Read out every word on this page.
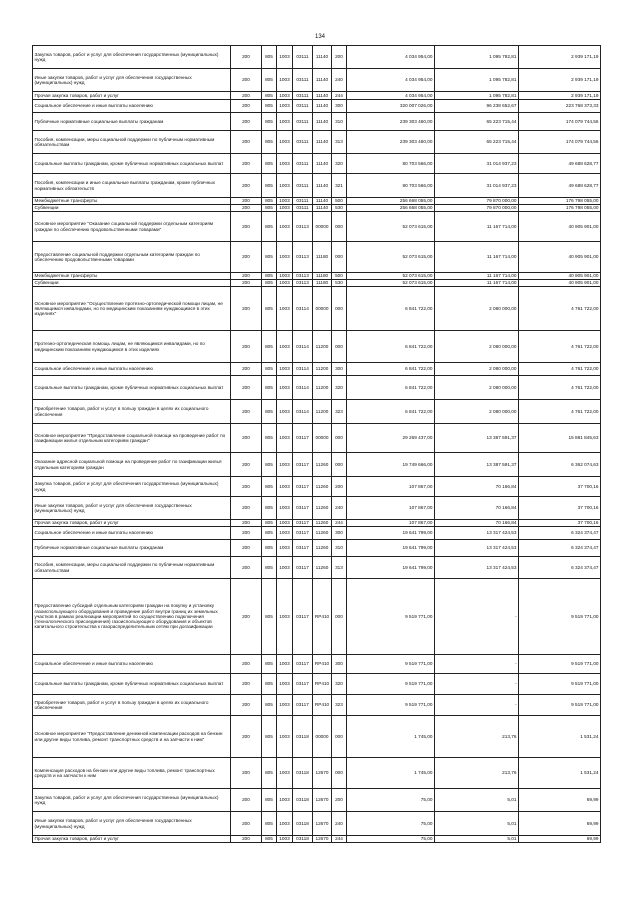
134
Закупка товаров, работ и услуг для обеспечения государственных (муниципальных) нужд	200	805	1003	03111	11140	200	4 034 954,00	1 095 782,81	2 939 171,19
Иные закупки товаров, работ и услуг для обеспечения государственных (муниципальных) нужд	200	805	1003	03111	11140	240	4 034 954,00	1 095 782,81	2 939 171,19
Прочая закупка товаров, работ и услуг	200	805	1003	03111	11140	244	4 034 954,00	1 095 782,81	2 939 171,19
Социальное обеспечение и иные выплаты населению	200	805	1003	03111	11140	300	320 007 026,00	96 238 652,67	223 768 373,33
Публичные нормативные социальные выплаты гражданам	200	805	1003	03111	11140	310	239 303 460,00	65 223 715,44	174 079 744,56
Пособия, компенсации, меры социальной поддержки по публичным нормативным обязательствам	200	805	1003	03111	11140	313	239 303 460,00	65 223 715,44	174 079 744,56
Социальные выплаты гражданам, кроме публичных нормативных социальных выплат	200	805	1003	03111	11140	320	80 703 566,00	31 014 937,23	49 688 628,77
Пособия, компенсации и иные социальные выплаты гражданам, кроме публичных нормативных обязательств	200	805	1003	03111	11140	321	80 703 566,00	31 014 937,23	49 688 628,77
Межбюджетные трансферты	200	805	1003	03111	11140	500	256 668 055,00	79 870 000,00	176 798 055,00
Субвенции	200	805	1003	03111	11140	530	256 668 055,00	79 870 000,00	176 798 055,00
Основное мероприятие "Оказание социальной поддержки отдельным категориям граждан по обеспечению продовольственными товарами"	200	805	1003	03113	00000	000	52 073 615,00	11 167 714,00	40 905 901,00
Предоставление социальной поддержки отдельным категориям граждан по обеспечению продовольственными товарами	200	805	1003	03113	11180	000	52 073 615,00	11 167 714,00	40 905 901,00
Межбюджетные трансферты	200	805	1003	03113	11180	500	52 073 615,00	11 167 714,00	40 905 901,00
Субвенции	200	805	1003	03113	11180	530	52 073 615,00	11 167 714,00	40 905 901,00
Основное мероприятие "Осуществление протезно-ортопедической помощи лицам, не являющимся инвалидами, но по медицинским показаниям нуждающимся в этих изделиях"	200	805	1003	03114	00000	000	6 841 722,00	2 080 000,00	4 761 722,00
Протезно-ортопедическая помощь лицам, не являющимся инвалидами, но по медицинским показаниям нуждающимся в этих изделиях	200	805	1003	03114	11200	000	6 841 722,00	2 080 000,00	4 761 722,00
Социальное обеспечение и иные выплаты населению	200	805	1003	03114	11200	300	6 841 722,00	2 080 000,00	4 761 722,00
Социальные выплаты гражданам, кроме публичных нормативных социальных выплат	200	805	1003	03114	11200	320	6 841 722,00	2 080 000,00	4 761 722,00
Приобретение товаров, работ и услуг в пользу граждан в целях их социального обеспечения	200	805	1003	03114	11200	323	6 841 722,00	2 080 000,00	4 761 722,00
Основное мероприятие "Предоставление социальной помощи на проведение работ по газификации жилья отдельным категориям граждан"	200	805	1003	03117	00000	000	29 269 437,00	13 387 591,37	15 881 845,63
Оказание адресной социальной помощи на проведение работ по газификации жилья отдельным категориям граждан	200	805	1003	03117	11260	000	19 749 666,00	13 387 591,37	6 362 074,63
Закупка товаров, работ и услуг для обеспечения государственных (муниципальных) нужд	200	805	1003	03117	11260	200	107 867,00	70 166,84	37 700,16
Иные закупки товаров, работ и услуг для обеспечения государственных (муниципальных) нужд	200	805	1003	03117	11260	240	107 867,00	70 166,84	37 700,16
Прочая закупка товаров, работ и услуг	200	805	1003	03117	11260	244	107 867,00	70 166,84	37 700,16
Социальное обеспечение и иные выплаты населению	200	805	1003	03117	11260	300	19 641 799,00	13 317 424,53	6 324 374,47
Публичные нормативные социальные выплаты гражданам	200	805	1003	03117	11260	310	19 641 799,00	13 317 424,53	6 324 374,47
Пособия, компенсации, меры социальной поддержки по публичным нормативным обязательствам	200	805	1003	03117	11260	313	19 641 799,00	13 317 424,53	6 324 374,47
Предоставление субсидий отдельным категориям граждан на покупку и установку газоиспользующего оборудования и проведение работ внутри границ их земельных участков в рамках реализации мероприятий по осуществлению подключения (технологического присоединения) газоиспользующего оборудования и объектов капитального строительства к газораспределительным сетям при догазификации	200	805	1003	03117	RP410	000	9 519 771,00	-	9 519 771,00
Социальное обеспечение и иные выплаты населению	200	805	1003	03117	RP410	300	9 519 771,00	-	9 519 771,00
Социальные выплаты гражданам, кроме публичных нормативных социальных выплат	200	805	1003	03117	RP410	320	9 519 771,00	-	9 519 771,00
Приобретение товаров, работ и услуг в пользу граждан в целях их социального обеспечения	200	805	1003	03117	RP410	323	9 519 771,00	-	9 519 771,00
Основное мероприятие "Предоставление денежной компенсации расходов на бензин или другие виды топлива, ремонт транспортных средств и на запчасти к ним"	200	805	1003	03118	00000	000	1 745,00	213,76	1 531,24
Компенсация расходов на бензин или другие виды топлива, ремонт транспортных средств и на запчасти к ним	200	805	1003	03118	12670	000	1 745,00	213,76	1 531,24
Закупка товаров, работ и услуг для обеспечения государственных (муниципальных) нужд	200	805	1003	03118	12670	200	75,00	5,01	69,99
Иные закупки товаров, работ и услуг для обеспечения государственных (муниципальных) нужд	200	805	1003	03118	12670	240	75,00	5,01	69,99
Прочая закупка товаров, работ и услуг	200	805	1003	03118	12670	244	75,00	5,01	69,99
